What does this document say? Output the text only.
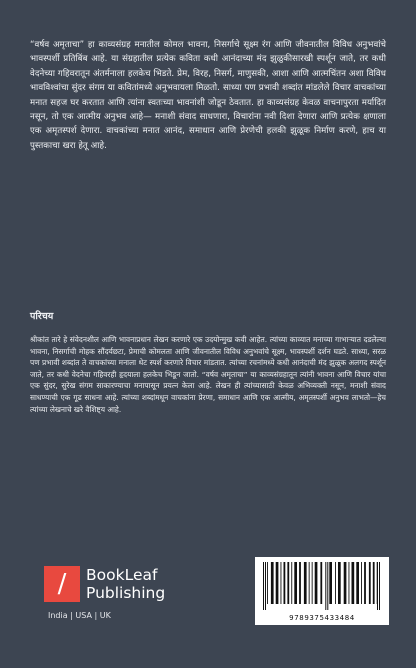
“वर्षव अमृताचा” हा काव्यसंग्रह मनातील कोमल भावना, निसर्गाचे सूक्ष्म रंग आणि जीवनातील विविध अनुभवांचे भावस्पर्शी प्रतिबिंब आहे. या संग्रहातील प्रत्येक कविता कधी आनंदाच्या मंद झुळुकीसारखी स्पर्शून जाते, तर कधी वेदनेच्या गहिवरातून अंतर्मनाला हलकेच भिडते. प्रेम, विरह, निसर्ग, माणुसकी, आशा आणि आत्मचिंतन अशा विविध भावविश्वांचा सुंदर संगम या कवितांमध्ये अनुभवायला मिळतो. साध्या पण प्रभावी शब्दांत मांडलेले विचार वाचकांच्या मनात सहज घर करतात आणि त्यांना स्वतःच्या भावनांशी जोडून ठेवतात. हा काव्यसंग्रह केवळ वाचनापुरता मर्यादित नसून, तो एक आत्मीय अनुभव आहे— मनाशी संवाद साधणारा, विचारांना नवी दिशा देणारा आणि प्रत्येक क्षणाला एक अमृतस्पर्श देणारा. वाचकांच्या मनात आनंद, समाधान आणि प्रेरणेची हलकी झुळूक निर्माण करणे, हाच या पुस्तकाचा खरा हेतू आहे.

परिचय

श्रीकांत तारे हे संवेदनशील आणि भावनाप्रधान लेखन करणारे एक उदयोन्मुख कवी आहेत. त्यांच्या काव्यात मनाच्या गाभाऱ्यात दडलेल्या भावना, निसर्गाची मोहक सौंदर्यछटा, प्रेमाची कोमलता आणि जीवनातील विविध अनुभवांचे सूक्ष्म, भावस्पर्शी दर्शन घडते. साध्या, सरळ पण प्रभावी शब्दांत ते वाचकांच्या मनाला थेट स्पर्श करणारे विचार मांडतात. त्यांच्या रचनांमध्ये कधी आनंदाची मंद झुळूक अलगद स्पर्शून जाते, तर कधी वेदनेचा गहिवरही हृदयाला हलकेच भिडून जातो. “वर्षव अमृताचा” या काव्यसंग्रहातून त्यांनी भावना आणि विचार यांचा एक सुंदर, सुरेख संगम साकारण्याचा मनापासून प्रयत्न केला आहे. लेखन ही त्यांच्यासाठी केवळ अभिव्यक्ती नसून, मनाशी संवाद साधण्याची एक गूढ साधना आहे. त्यांच्या शब्दांमधून वाचकांना प्रेरणा, समाधान आणि एक आत्मीय, अमृतस्पर्शी अनुभव लाभतो—हेच त्यांच्या लेखनाचे खरे वैशिष्ट्य आहे.

/ BookLeaf
Publishing
India | USA | UK	9789375433484
